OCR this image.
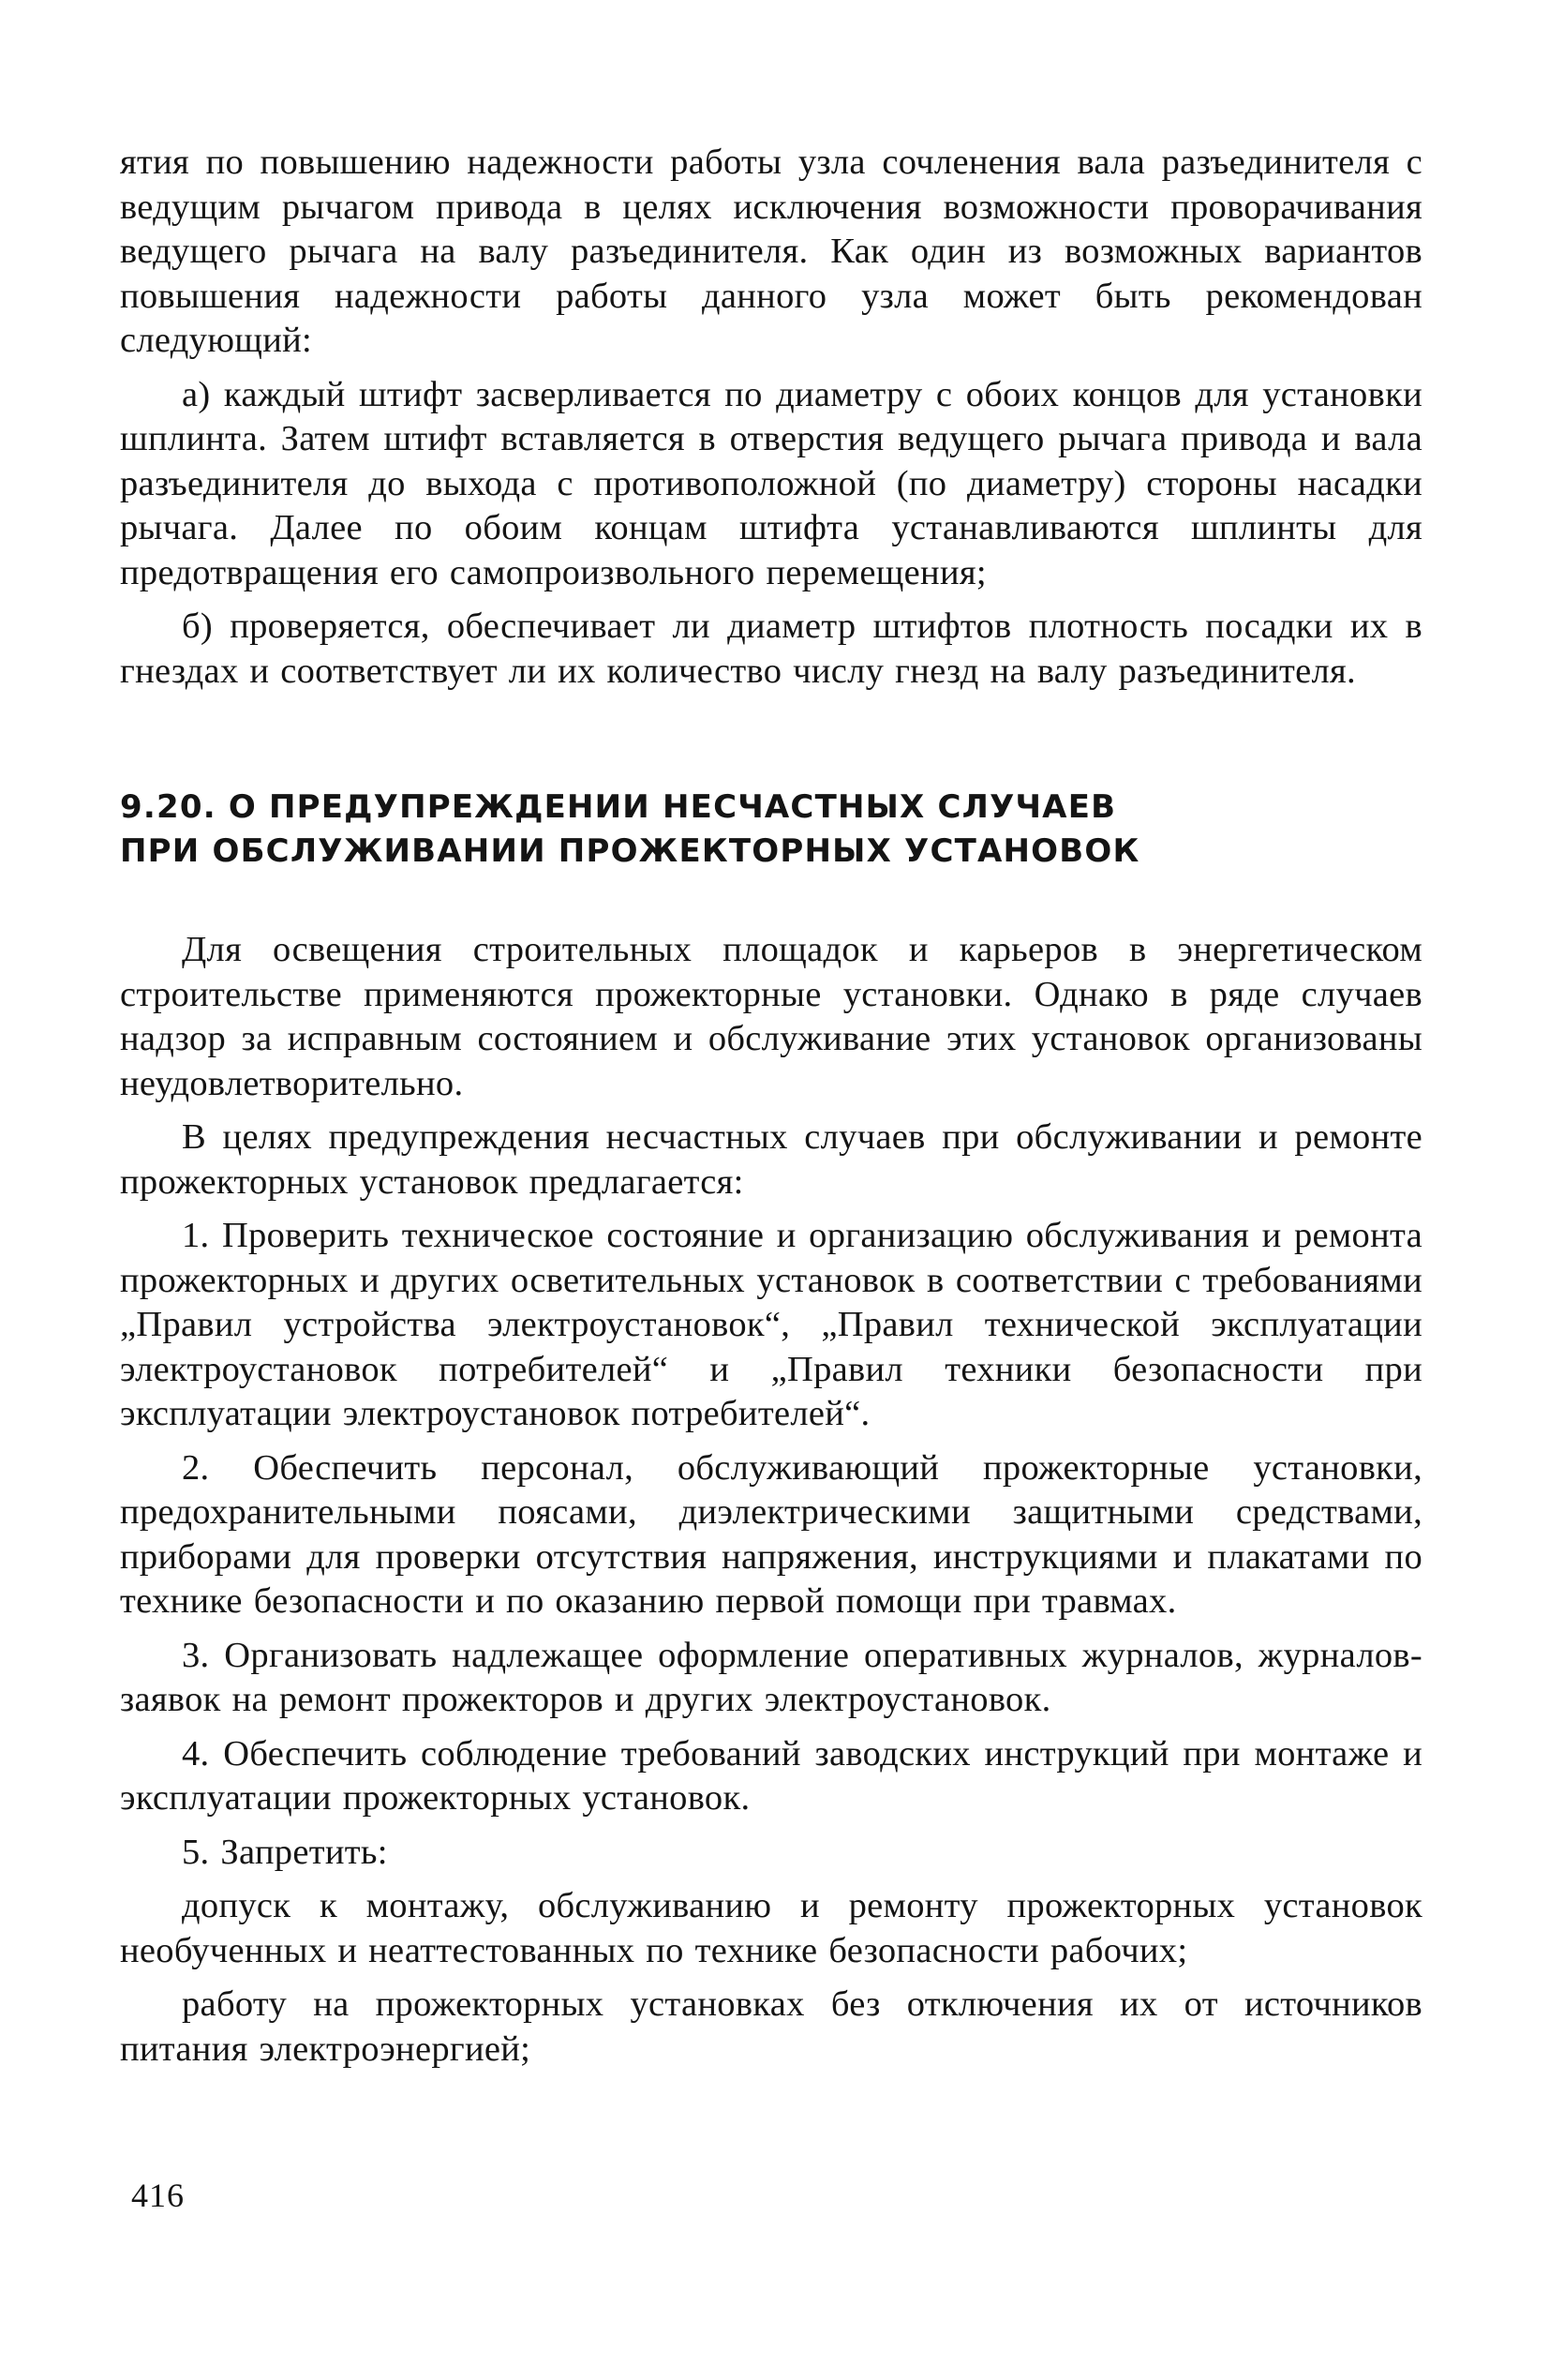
ятия по повышению надежности работы узла сочленения вала разъединителя с ведущим рычагом привода в целях исключения возможности проворачивания ведущего рычага на валу разъединителя. Как один из возможных вариантов повышения надежности работы данного узла может быть рекомендован следующий:

а) каждый штифт засверливается по диаметру с обоих концов для установки шплинта. Затем штифт вставляется в отверстия ведущего рычага привода и вала разъединителя до выхода с противоположной (по диаметру) стороны насадки рычага. Далее по обоим концам штифта устанавливаются шплинты для предотвращения его самопроизвольного перемещения;

б) проверяется, обеспечивает ли диаметр штифтов плотность посадки их в гнездах и соответствует ли их количество числу гнезд на валу разъединителя.

9.20. О ПРЕДУПРЕЖДЕНИИ НЕСЧАСТНЫХ СЛУЧАЕВ
ПРИ ОБСЛУЖИВАНИИ ПРОЖЕКТОРНЫХ УСТАНОВОК

Для освещения строительных площадок и карьеров в энергетическом строительстве применяются прожекторные установки. Однако в ряде случаев надзор за исправным состоянием и обслуживание этих установок организованы неудовлетворительно.

В целях предупреждения несчастных случаев при обслуживании и ремонте прожекторных установок предлагается:

1. Проверить техническое состояние и организацию обслуживания и ремонта прожекторных и других осветительных установок в соответствии с требованиями „Правил устройства электроустановок“, „Правил технической эксплуатации электроустановок потребителей“ и „Правил техники безопасности при эксплуатации электроустановок потребителей“.

2. Обеспечить персонал, обслуживающий прожекторные установки, предохранительными поясами, диэлектрическими защитными средствами, приборами для проверки отсутствия напряжения, инструкциями и плакатами по технике безопасности и по оказанию первой помощи при травмах.

3. Организовать надлежащее оформление оперативных журналов, журналов-заявок на ремонт прожекторов и других электроустановок.

4. Обеспечить соблюдение требований заводских инструкций при монтаже и эксплуатации прожекторных установок.

5. Запретить:

допуск к монтажу, обслуживанию и ремонту прожекторных установок необученных и неаттестованных по технике безопасности рабочих;

работу на прожекторных установках без отключения их от источников питания электроэнергией;

416
